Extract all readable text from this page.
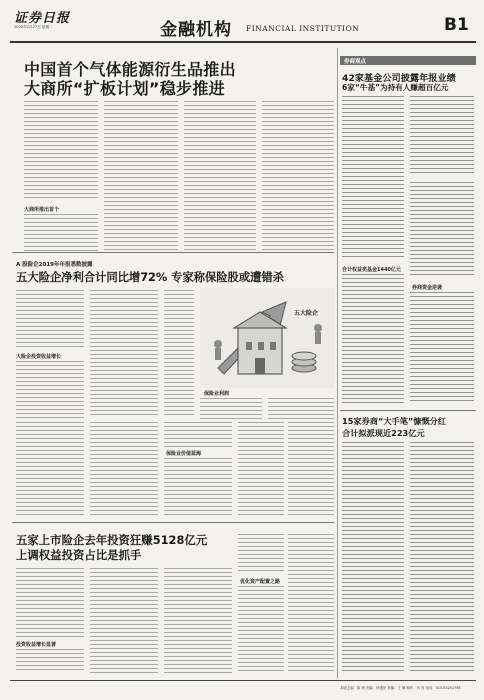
证券日报
2020年2月27日 星期二	金融机构 FINANCIAL INSTITUTION	B1
中国首个气体能源衍生品推出
大商所“扩板计划”稳步推进
大商所推出首个
A 股险企2019年年报悉数披露
五大险企净利合计同比增72% 专家称保险股或遭错杀
大险企投资收益增长
五大险企
保险业利润
保险业价值蓝海
五家上市险企去年投资狂赚5128亿元
上调权益投资占比是抓手
投资收益增长显著
优化资产配置之路
券商观点
42家基金公司披露年报业绩
6家“牛基”为持有人赚超百亿元
合计权益类基金1440亿元
券商资金逆袭
15家券商“大手笔”慷慨分红
合计拟派现近223亿元
本版主编：陈 炜 责编：徐建民 美编：王 琳 制作：闫 亮 电话：010-83251785
